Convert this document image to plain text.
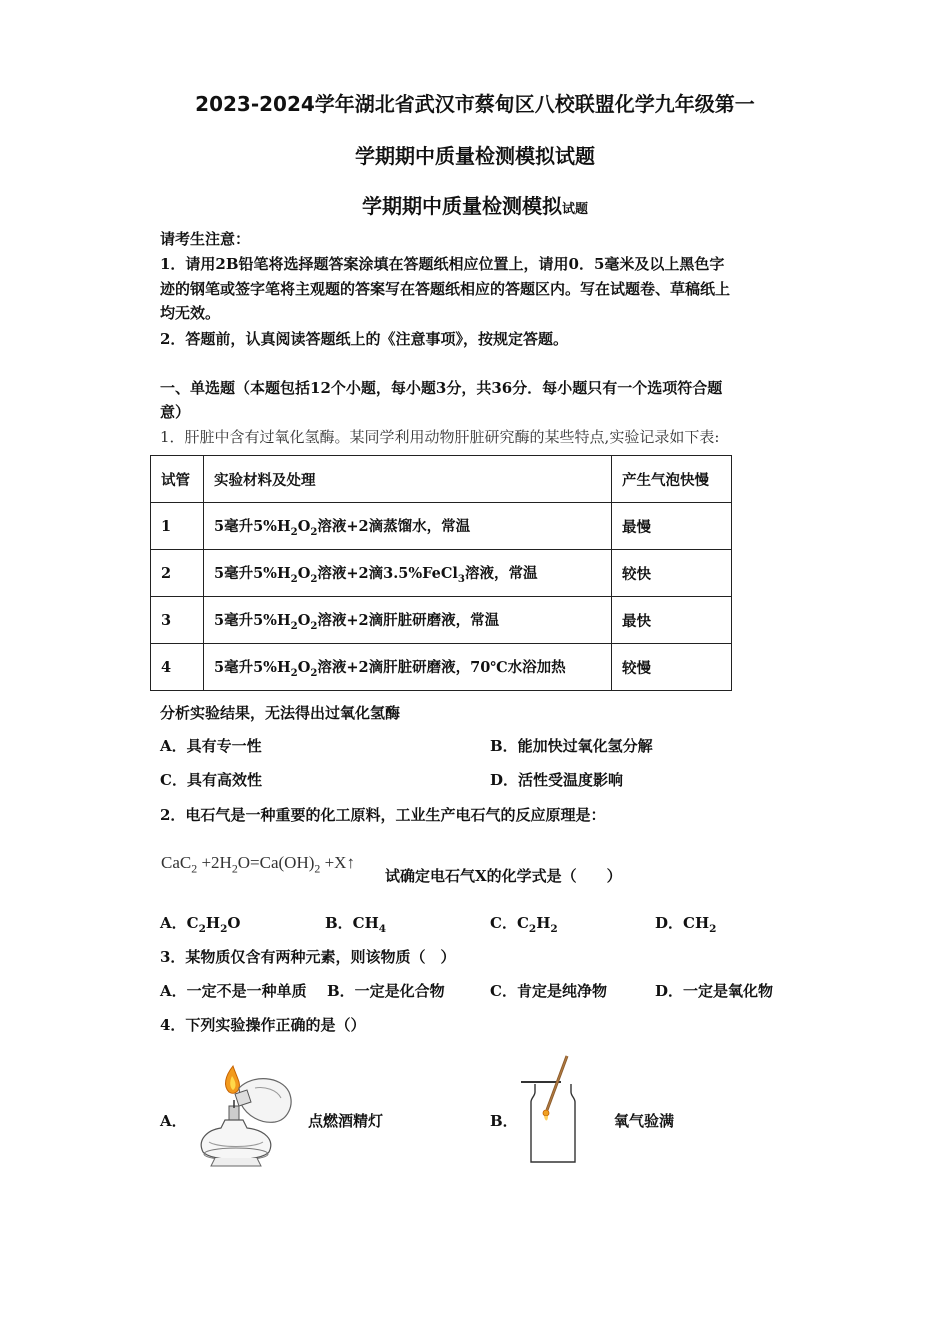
2023-2024学年湖北省武汉市蔡甸区八校联盟化学九年级第一
学期期中质量检测模拟试题
学期期中质量检测模拟试题
请考生注意：
1．请用2B铅笔将选择题答案涂填在答题纸相应位置上，请用0．5毫米及以上黑色字
迹的钢笔或签字笔将主观题的答案写在答题纸相应的答题区内。写在试题卷、草稿纸上
均无效。
2．答题前，认真阅读答题纸上的《注意事项》，按规定答题。
一、单选题（本题包括12个小题，每小题3分，共36分．每小题只有一个选项符合题
意）
1．肝脏中含有过氧化氢酶。某同学利用动物肝脏研究酶的某些特点,实验记录如下表:
试管	实验材料及处理	产生气泡快慢
1	5毫升$5\%H_2O_2$溶液+2滴蒸馏水，常温	最慢
2	5毫升$5\%H_2O_2$溶液+2滴3.5%FeCl$_3$溶液，常温	较快
3	5毫升$5\%H_2O_2$溶液+2滴肝脏研磨液，常温	最快
4	5毫升$5\%H_2O_2$溶液+2滴肝脏研磨液，70℃水浴加热	较慢
分析实验结果，无法得出过氧化氢酶
A．具有专一性	B．能加快过氧化氢分解
C．具有高效性	D．活性受温度影响
2．电石气是一种重要的化工原料，工业生产电石气的反应原理是：
$CaC_2 +2H_2O=Ca(OH)_2$ +X↑
试确定电石气X的化学式是（　　）
A．$C_2H_2O$	B．$CH_4$	C．$C_2H_2$	D．$CH_2$
3．某物质仅含有两种元素，则该物质（　）
A．一定不是一种单质 B．一定是化合物	C．肯定是纯净物	D．一定是氧化物
4．下列实验操作正确的是（）
A．	点燃酒精灯	B．	氧气验满
